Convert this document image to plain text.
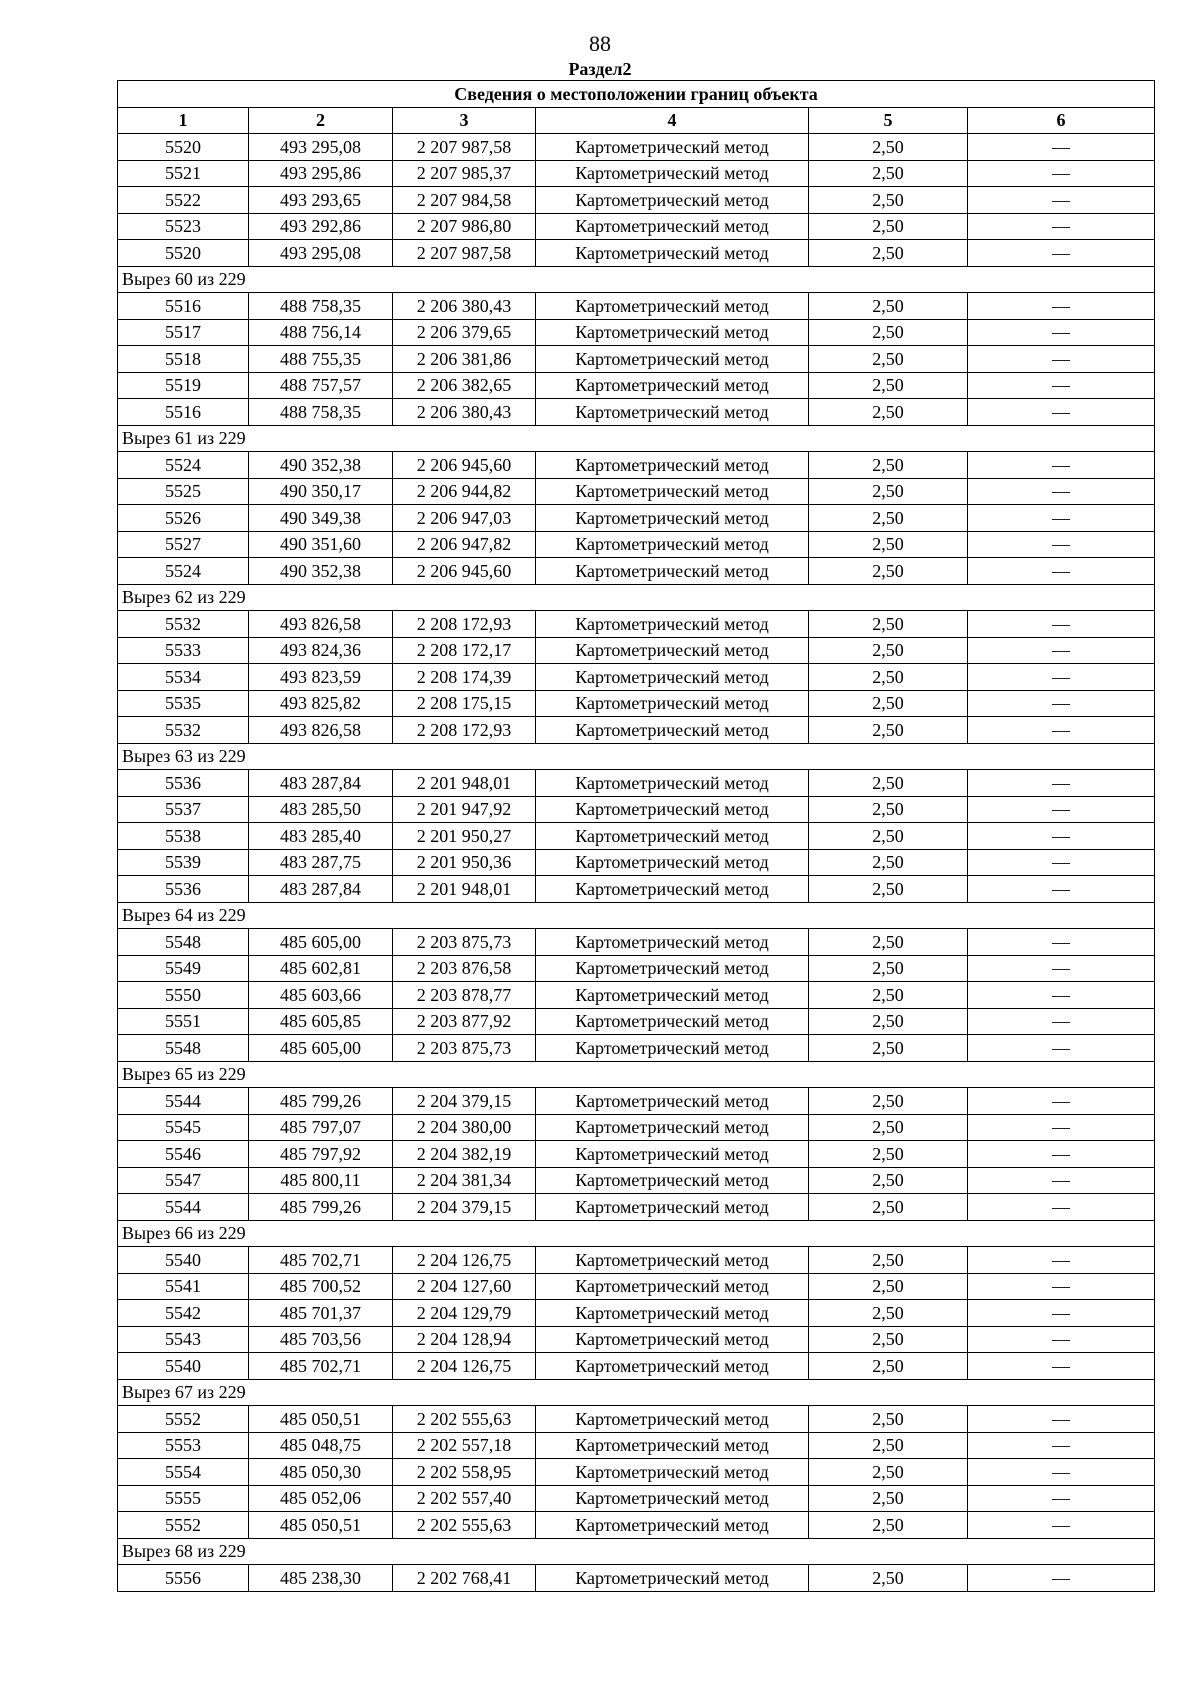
88
Раздел2
Сведения о местоположении границ объекта					
1	2	3	4	5	6
5520	493 295,08	2 207 987,58	Картометрический метод	2,50	—
5521	493 295,86	2 207 985,37	Картометрический метод	2,50	—
5522	493 293,65	2 207 984,58	Картометрический метод	2,50	—
5523	493 292,86	2 207 986,80	Картометрический метод	2,50	—
5520	493 295,08	2 207 987,58	Картометрический метод	2,50	—
Вырез 60 из 229					
5516	488 758,35	2 206 380,43	Картометрический метод	2,50	—
5517	488 756,14	2 206 379,65	Картометрический метод	2,50	—
5518	488 755,35	2 206 381,86	Картометрический метод	2,50	—
5519	488 757,57	2 206 382,65	Картометрический метод	2,50	—
5516	488 758,35	2 206 380,43	Картометрический метод	2,50	—
Вырез 61 из 229					
5524	490 352,38	2 206 945,60	Картометрический метод	2,50	—
5525	490 350,17	2 206 944,82	Картометрический метод	2,50	—
5526	490 349,38	2 206 947,03	Картометрический метод	2,50	—
5527	490 351,60	2 206 947,82	Картометрический метод	2,50	—
5524	490 352,38	2 206 945,60	Картометрический метод	2,50	—
Вырез 62 из 229					
5532	493 826,58	2 208 172,93	Картометрический метод	2,50	—
5533	493 824,36	2 208 172,17	Картометрический метод	2,50	—
5534	493 823,59	2 208 174,39	Картометрический метод	2,50	—
5535	493 825,82	2 208 175,15	Картометрический метод	2,50	—
5532	493 826,58	2 208 172,93	Картометрический метод	2,50	—
Вырез 63 из 229					
5536	483 287,84	2 201 948,01	Картометрический метод	2,50	—
5537	483 285,50	2 201 947,92	Картометрический метод	2,50	—
5538	483 285,40	2 201 950,27	Картометрический метод	2,50	—
5539	483 287,75	2 201 950,36	Картометрический метод	2,50	—
5536	483 287,84	2 201 948,01	Картометрический метод	2,50	—
Вырез 64 из 229					
5548	485 605,00	2 203 875,73	Картометрический метод	2,50	—
5549	485 602,81	2 203 876,58	Картометрический метод	2,50	—
5550	485 603,66	2 203 878,77	Картометрический метод	2,50	—
5551	485 605,85	2 203 877,92	Картометрический метод	2,50	—
5548	485 605,00	2 203 875,73	Картометрический метод	2,50	—
Вырез 65 из 229					
5544	485 799,26	2 204 379,15	Картометрический метод	2,50	—
5545	485 797,07	2 204 380,00	Картометрический метод	2,50	—
5546	485 797,92	2 204 382,19	Картометрический метод	2,50	—
5547	485 800,11	2 204 381,34	Картометрический метод	2,50	—
5544	485 799,26	2 204 379,15	Картометрический метод	2,50	—
Вырез 66 из 229					
5540	485 702,71	2 204 126,75	Картометрический метод	2,50	—
5541	485 700,52	2 204 127,60	Картометрический метод	2,50	—
5542	485 701,37	2 204 129,79	Картометрический метод	2,50	—
5543	485 703,56	2 204 128,94	Картометрический метод	2,50	—
5540	485 702,71	2 204 126,75	Картометрический метод	2,50	—
Вырез 67 из 229					
5552	485 050,51	2 202 555,63	Картометрический метод	2,50	—
5553	485 048,75	2 202 557,18	Картометрический метод	2,50	—
5554	485 050,30	2 202 558,95	Картометрический метод	2,50	—
5555	485 052,06	2 202 557,40	Картометрический метод	2,50	—
5552	485 050,51	2 202 555,63	Картометрический метод	2,50	—
Вырез 68 из 229					
5556	485 238,30	2 202 768,41	Картометрический метод	2,50	—
